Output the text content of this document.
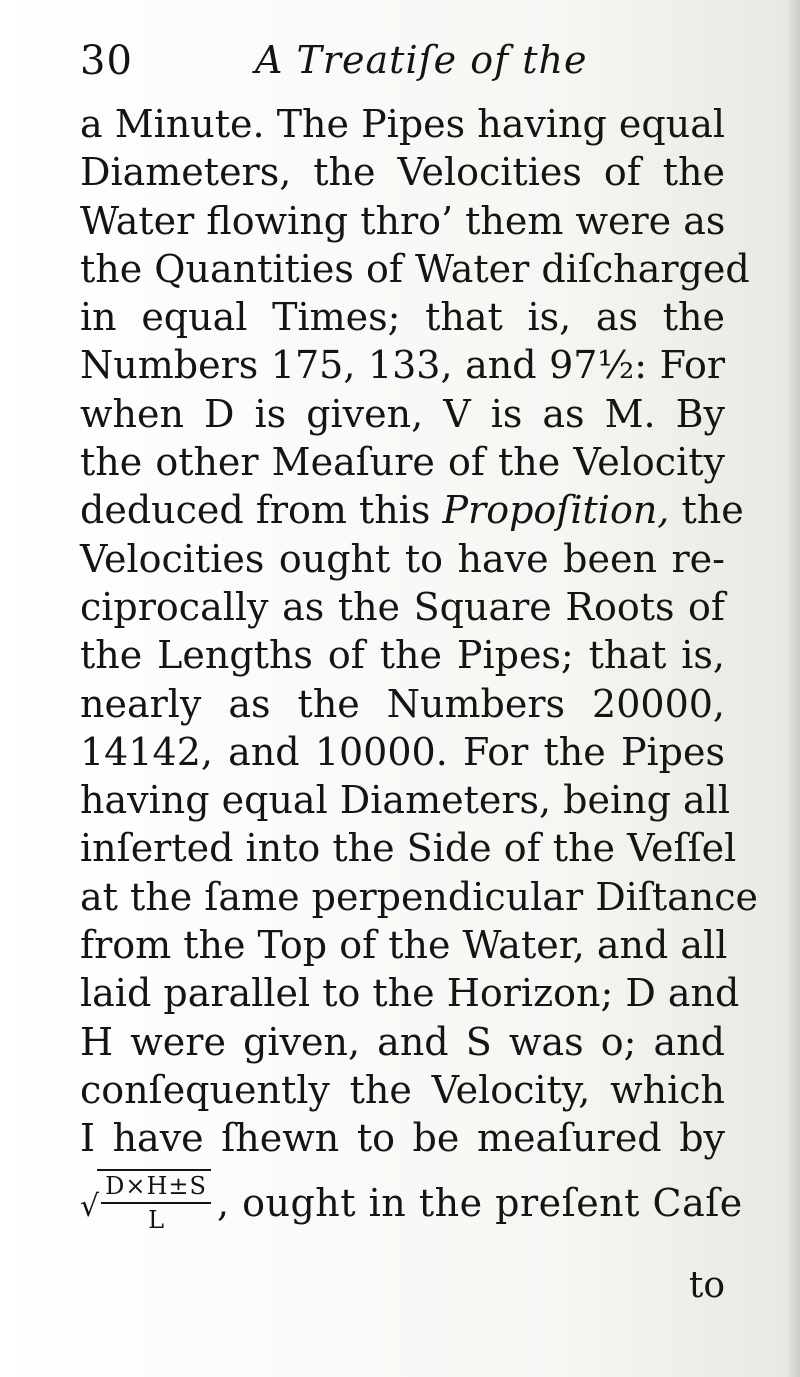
30	A Treatiſe of the
a Minute. The Pipes having equal
Diameters, the Velocities of the
Water flowing thro’ them were as
the Quantities of Water diſcharged
in equal Times; that is, as the
Numbers 175, 133, and 97½: For
when D is given, V is as M. By
the other Meaſure of the Velocity
deduced from this Propoſition, the
Velocities ought to have been re-
ciprocally as the Square Roots of
the Lengths of the Pipes; that is,
nearly as the Numbers 20000,
14142, and 10000. For the Pipes
having equal Diameters, being all
inſerted into the Side of the Veſſel
at the ſame perpendicular Diſtance
from the Top of the Water, and all
laid parallel to the Horizon; D and
H were given, and S was o; and
conſequently the Velocity, which
I have ſhewn to be meaſured by
√ $\frac{D\times H\pm S}{L}$ , ought in the preſent Caſe
to
